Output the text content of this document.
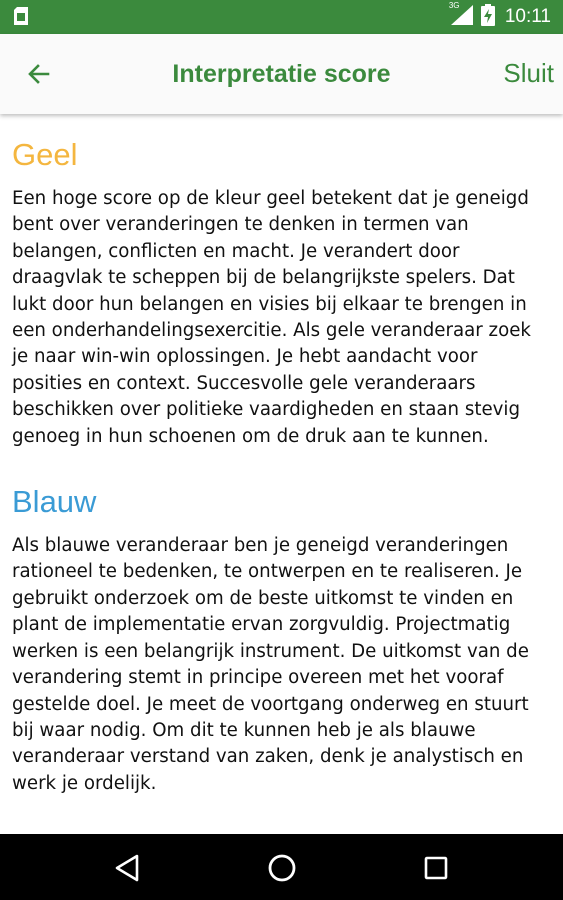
3G
10:11
Interpretatie score	Sluit
Geel

Een hoge score op de kleur geel betekent dat je geneigd bent over veranderingen te denken in termen van belangen, conflicten en macht. Je verandert door draagvlak te scheppen bij de belangrijkste spelers. Dat lukt door hun belangen en visies bij elkaar te brengen in een onderhandelingsexercitie. Als gele veranderaar zoek je naar win-win oplossingen. Je hebt aandacht voor posities en context. Succesvolle gele veranderaars beschikken over politieke vaardigheden en staan stevig genoeg in hun schoenen om de druk aan te kunnen.

Blauw

Als blauwe veranderaar ben je geneigd veranderingen rationeel te bedenken, te ontwerpen en te realiseren. Je gebruikt onderzoek om de beste uitkomst te vinden en plant de implementatie ervan zorgvuldig. Projectmatig werken is een belangrijk instrument. De uitkomst van de verandering stemt in principe overeen met het vooraf gestelde doel. Je meet de voortgang onderweg en stuurt bij waar nodig. Om dit te kunnen heb je als blauwe veranderaar verstand van zaken, denk je analystisch en werk je ordelijk.
